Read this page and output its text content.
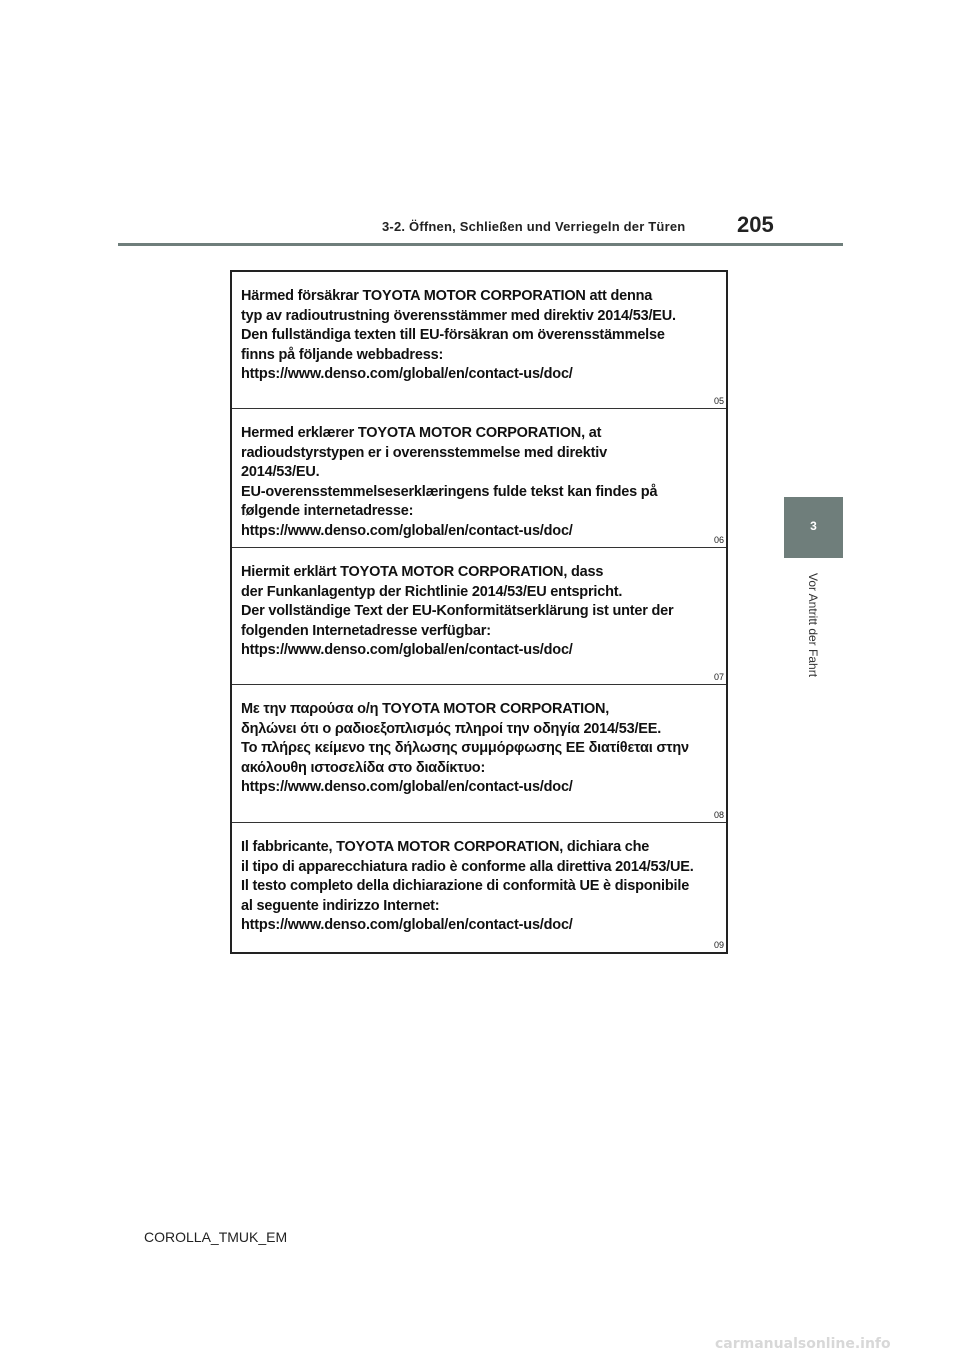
3-2. Öffnen, Schließen und Verriegeln der Türen 205
3
Vor Antritt der Fahrt
Härmed försäkrar TOYOTA MOTOR CORPORATION att denna
typ av radioutrustning överensstämmer med direktiv 2014/53/EU.
Den fullständiga texten till EU-försäkran om överensstämmelse
finns på följande webbadress:
https://www.denso.com/global/en/contact-us/doc/
05
Hermed erklærer TOYOTA MOTOR CORPORATION, at
radioudstyrstypen er i overensstemmelse med direktiv
2014/53/EU.
EU-overensstemmelseserklæringens fulde tekst kan findes på
følgende internetadresse:
https://www.denso.com/global/en/contact-us/doc/
06
Hiermit erklärt TOYOTA MOTOR CORPORATION, dass
der Funkanlagentyp der Richtlinie 2014/53/EU entspricht.
Der vollständige Text der EU-Konformitätserklärung ist unter der
folgenden Internetadresse verfügbar:
https://www.denso.com/global/en/contact-us/doc/
07
Με την παρούσα ο/η TOYOTA MOTOR CORPORATION,
δηλώνει ότι ο ραδιοεξοπλισμός πληροί την οδηγία 2014/53/ΕΕ.
Το πλήρες κείμενο της δήλωσης συμμόρφωσης ΕΕ διατίθεται στην
ακόλουθη ιστοσελίδα στο διαδίκτυο:
https://www.denso.com/global/en/contact-us/doc/
08
Il fabbricante, TOYOTA MOTOR CORPORATION, dichiara che
il tipo di apparecchiatura radio è conforme alla direttiva 2014/53/UE.
Il testo completo della dichiarazione di conformità UE è disponibile
al seguente indirizzo Internet:
https://www.denso.com/global/en/contact-us/doc/
09
COROLLA_TMUK_EM
carmanualsonline.info
